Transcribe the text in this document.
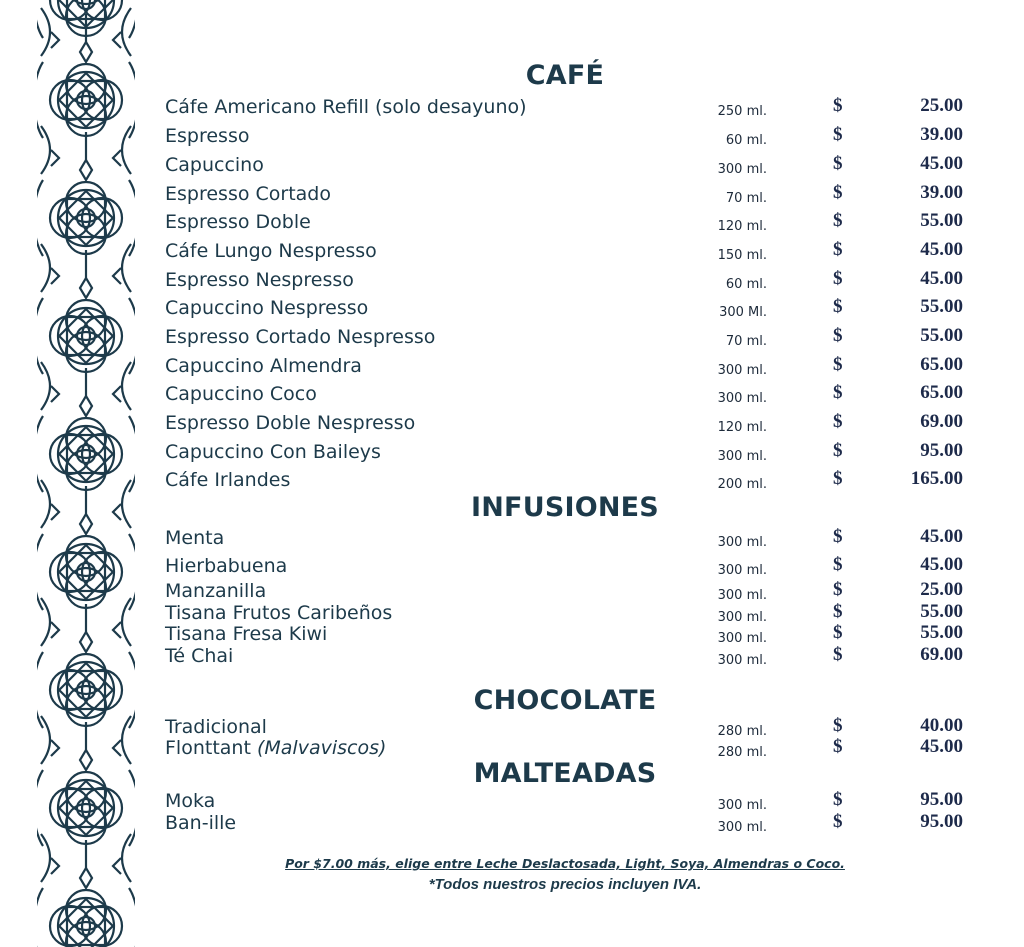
CAFÉ
Cáfe Americano Refill (solo desayuno)	250 ml.	$	25.00
Espresso	60 ml.	$	39.00
Capuccino	300 ml.	$	45.00
Espresso Cortado	70 ml.	$	39.00
Espresso Doble	120 ml.	$	55.00
Cáfe Lungo Nespresso	150 ml.	$	45.00
Espresso Nespresso	60 ml.	$	45.00
Capuccino Nespresso	300 Ml.	$	55.00
Espresso Cortado Nespresso	70 ml.	$	55.00
Capuccino Almendra	300 ml.	$	65.00
Capuccino Coco	300 ml.	$	65.00
Espresso Doble Nespresso	120 ml.	$	69.00
Capuccino Con Baileys	300 ml.	$	95.00
Cáfe Irlandes	200 ml.	$	165.00
INFUSIONES
Menta	300 ml.	$	45.00
Hierbabuena	300 ml.	$	45.00
Manzanilla	300 ml.	$	25.00
Tisana Frutos Caribeños	300 ml.	$	55.00
Tisana Fresa Kiwi	300 ml.	$	55.00
Té Chai	300 ml.	$	69.00
CHOCOLATE
Tradicional	280 ml.	$	40.00
Flonttant (Malvaviscos)	280 ml.	$	45.00
MALTEADAS
Moka	300 ml.	$	95.00
Ban-ille	300 ml.	$	95.00
Por $7.00 más, elige entre Leche Deslactosada, Light, Soya, Almendras o Coco.
*Todos nuestros precios incluyen IVA.
